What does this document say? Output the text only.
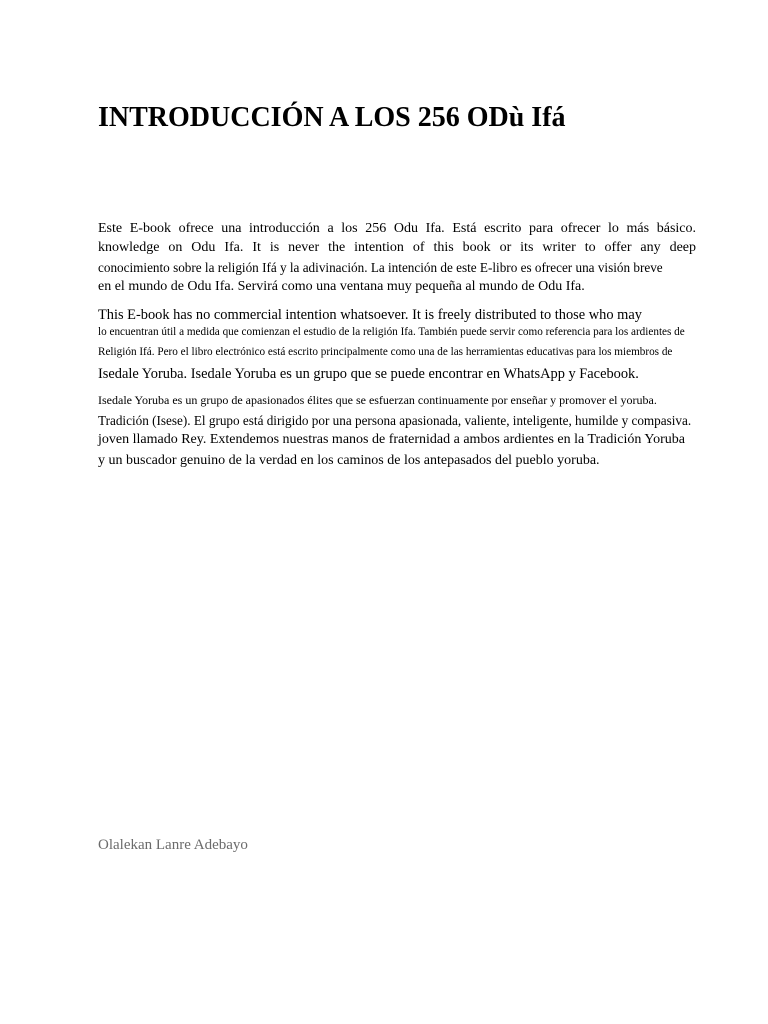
INTRODUCCIÓN A LOS 256 ODù Ifá

Este E-book ofrece una introducción a los 256 Odu Ifa. Está escrito para ofrecer lo más básico.

knowledge on Odu Ifa. It is never the intention of this book or its writer to offer any deep

conocimiento sobre la religión Ifá y la adivinación. La intención de este E-libro es ofrecer una visión breve

en el mundo de Odu Ifa. Servirá como una ventana muy pequeña al mundo de Odu Ifa.

This E-book has no commercial intention whatsoever. It is freely distributed to those who may

lo encuentran útil a medida que comienzan el estudio de la religión Ifa. También puede servir como referencia para los ardientes de

Religión Ifá. Pero el libro electrónico está escrito principalmente como una de las herramientas educativas para los miembros de

Isedale Yoruba. Isedale Yoruba es un grupo que se puede encontrar en WhatsApp y Facebook.

Isedale Yoruba es un grupo de apasionados élites que se esfuerzan continuamente por enseñar y promover el yoruba.

Tradición (Isese). El grupo está dirigido por una persona apasionada, valiente, inteligente, humilde y compasiva.

joven llamado Rey. Extendemos nuestras manos de fraternidad a ambos ardientes en la Tradición Yoruba

y un buscador genuino de la verdad en los caminos de los antepasados del pueblo yoruba.

Olalekan Lanre Adebayo
